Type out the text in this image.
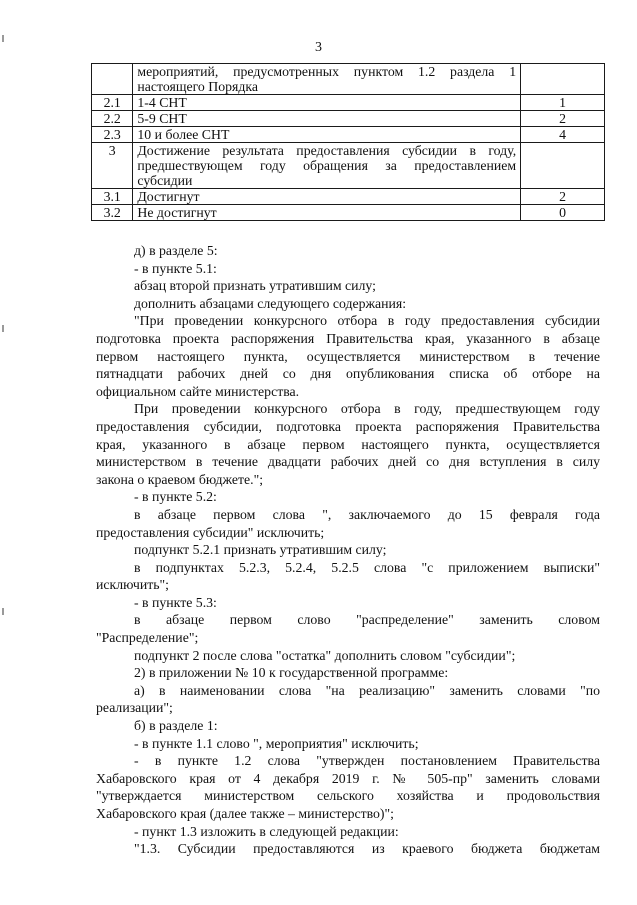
3

	мероприятий, предусмотренных пунктом 1.2 раздела 1
настоящего Порядка	

2.1	1-4 СНТ	1
2.2	5-9 СНТ	2
2.3	10 и более СНТ	4
3	Достижение результата предоставления субсидии в году,
предшествующем году обращения за предоставлением
субсидии	

3.1	Достигнут	2
3.2	Не достигнут	0
д) в разделе 5:
- в пункте 5.1:
абзац второй признать утратившим силу;
дополнить абзацами следующего содержания:
"При проведении конкурсного отбора в году предоставления субсидии
подготовка проекта распоряжения Правительства края, указанного в абзаце
первом настоящего пункта, осуществляется министерством в течение
пятнадцати рабочих дней со дня опубликования списка об отборе на
официальном сайте министерства.
При проведении конкурсного отбора в году, предшествующем году
предоставления субсидии, подготовка проекта распоряжения Правительства
края, указанного в абзаце первом настоящего пункта, осуществляется
министерством в течение двадцати рабочих дней со дня вступления в силу
закона о краевом бюджете.";
- в пункте 5.2:
в абзаце первом слова ", заключаемого до 15 февраля года
предоставления субсидии" исключить;
подпункт 5.2.1 признать утратившим силу;
в подпунктах 5.2.3, 5.2.4, 5.2.5 слова "с приложением выписки"
исключить";
- в пункте 5.3:
в абзаце первом слово "распределение" заменить словом
"Распределение";
подпункт 2 после слова "остатка" дополнить словом "субсидии";
2) в приложении № 10 к государственной программе:
а) в наименовании слова "на реализацию" заменить словами "по
реализации";
б) в разделе 1:
- в пункте 1.1 слово ", мероприятия" исключить;
- в пункте 1.2 слова "утвержден постановлением Правительства
Хабаровского края от 4 декабря 2019 г. № 505-пр" заменить словами
"утверждается министерством сельского хозяйства и продовольствия
Хабаровского края (далее также – министерство)";
- пункт 1.3 изложить в следующей редакции:
"1.3. Субсидии предоставляются из краевого бюджета бюджетам
